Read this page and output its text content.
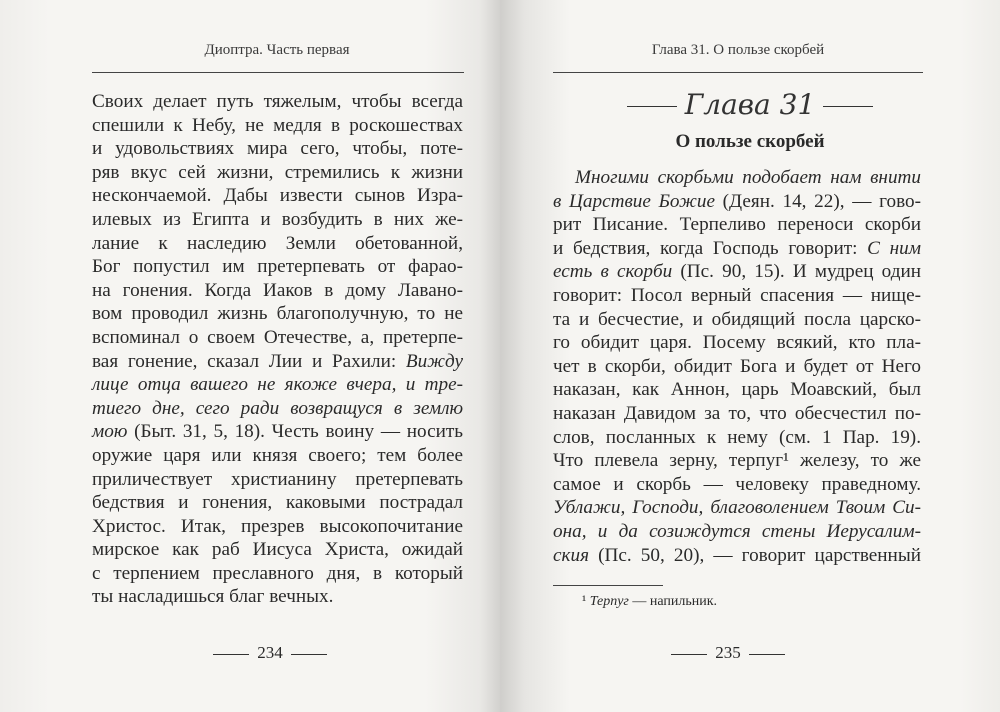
Диоптра. Часть первая
Своих делает путь тяжелым, чтобы всегда
спешили к Небу, не медля в роскошествах
и удовольствиях мира сего, чтобы, поте-
ряв вкус сей жизни, стремились к жизни
нескончаемой. Дабы извести сынов Изра-
илевых из Египта и возбудить в них же-
лание к наследию Земли обетованной,
Бог попустил им претерпевать от фарао-
на гонения. Когда Иаков в дому Лавано-
вом проводил жизнь благополучную, то не
вспоминал о своем Отечестве, а, претерпе-
вая гонение, сказал Лии и Рахили: Вижду
лице отца вашего не якоже вчера, и тре-
тиего дне, сего ради возвращуся в землю
мою (Быт. 31, 5, 18). Честь воину — носить
оружие царя или князя своего; тем более
приличествует христианину претерпевать
бедствия и гонения, каковыми пострадал
Христос. Итак, презрев высокопочитание
мирское как раб Иисуса Христа, ожидай
с терпением преславного дня, в который
ты насладишься благ вечных.
234
Глава 31. О пользе скорбей
Глава 31
О пользе скорбей
Многими скорбьми подобает нам внити
в Царствие Божие (Деян. 14, 22), — гово-
рит Писание. Терпеливо переноси скорби
и бедствия, когда Господь говорит: С ним
есть в скорби (Пс. 90, 15). И мудрец один
говорит: Посол верный спасения — нище-
та и бесчестие, и обидящий посла царско-
го обидит царя. Посему всякий, кто пла-
чет в скорби, обидит Бога и будет от Него
наказан, как Аннон, царь Моавский, был
наказан Давидом за то, что обесчестил по-
слов, посланных к нему (см. 1 Пар. 19).
Что плевела зерну, терпуг¹ железу, то же
самое и скорбь — человеку праведному.
Ублажи, Господи, благоволением Твоим Си-
она, и да созиждутся стены Иерусалим-
ския (Пс. 50, 20), — говорит царственный
¹ Терпуг — напильник.
235
